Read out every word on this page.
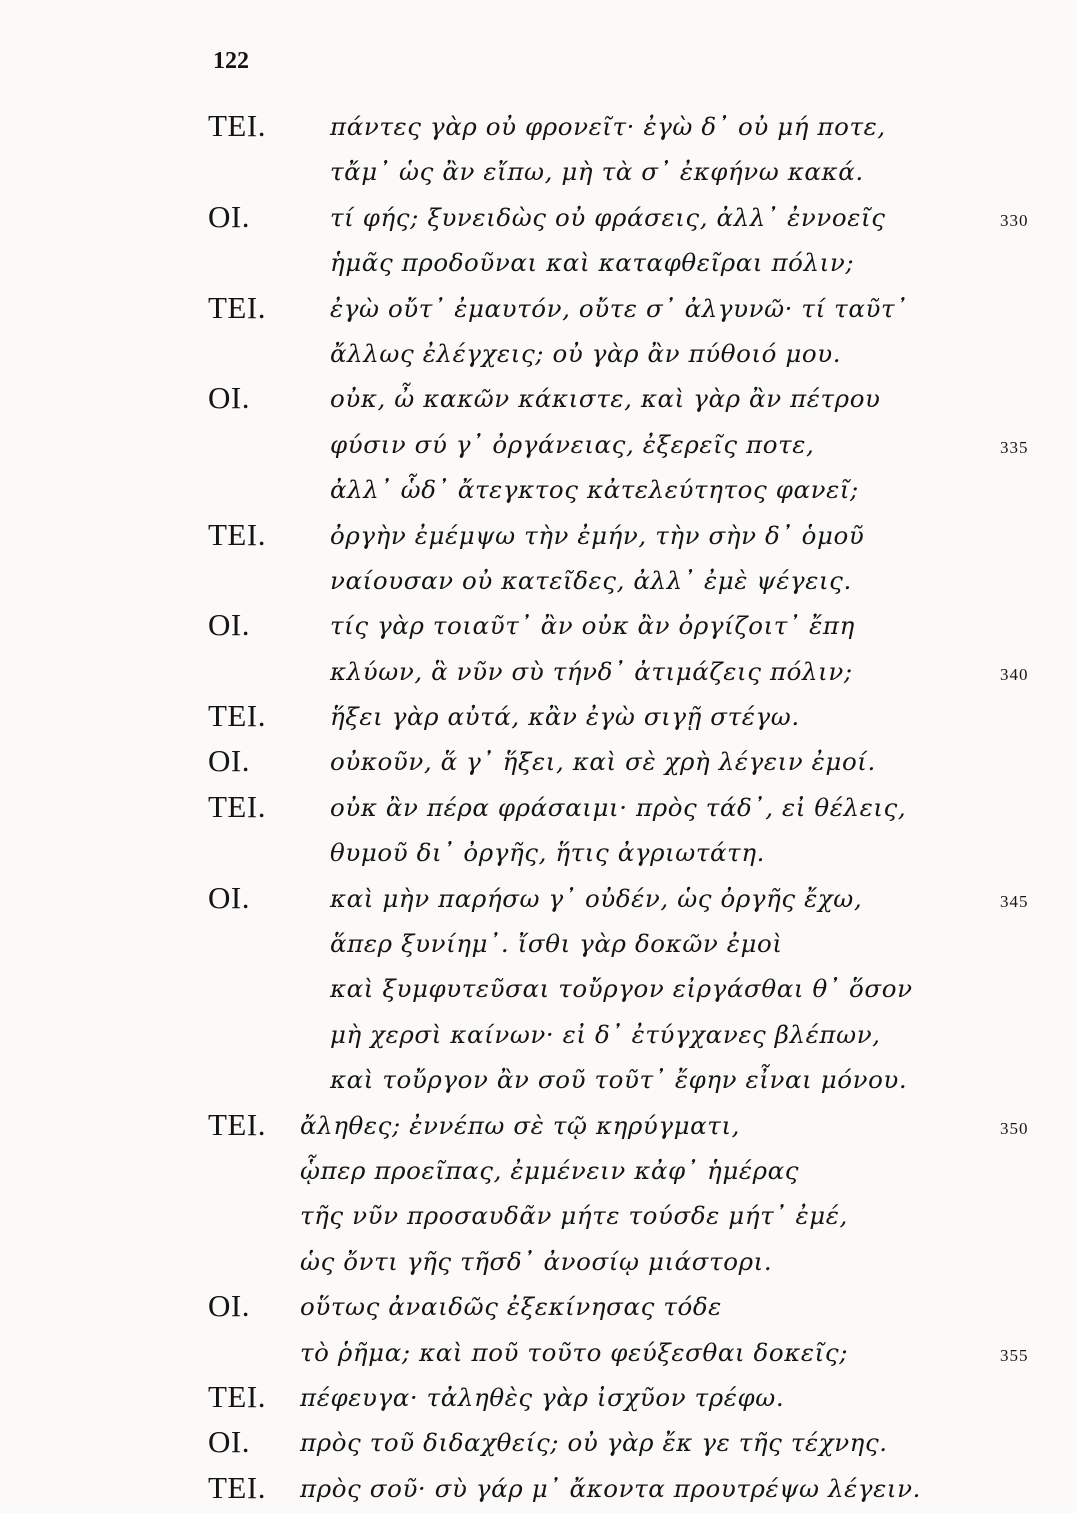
122
ΤΕΙ.	πάντες γὰρ οὐ φρονεῖτ· ἐγὼ δ᾽ οὐ μή ποτε,
τἄμ᾽ ὡς ἂν εἴπω, μὴ τὰ σ᾽ ἐκφήνω κακά.
ΟΙ.	τί φής; ξυνειδὼς οὐ φράσεις, ἀλλ᾽ ἐννοεῖς	330
ἡμᾶς προδοῦναι καὶ καταφθεῖραι πόλιν;
ΤΕΙ.	ἐγὼ οὔτ᾽ ἐμαυτόν, οὔτε σ᾽ ἀλγυνῶ· τί ταῦτ᾽
ἄλλως ἐλέγχεις; οὐ γὰρ ἂν πύθοιό μου.
ΟΙ.	οὐκ, ὦ κακῶν κάκιστε, καὶ γὰρ ἂν πέτρου
φύσιν σύ γ᾽ ὀργάνειας, ἐξερεῖς ποτε,	335
ἀλλ᾽ ὧδ᾽ ἄτεγκτος κἀτελεύτητος φανεῖ;
ΤΕΙ.	ὀργὴν ἐμέμψω τὴν ἐμήν, τὴν σὴν δ᾽ ὁμοῦ
ναίουσαν οὐ κατεῖδες, ἀλλ᾽ ἐμὲ ψέγεις.
ΟΙ.	τίς γὰρ τοιαῦτ᾽ ἂν οὐκ ἂν ὀργίζοιτ᾽ ἔπη
κλύων, ἃ νῦν σὺ τήνδ᾽ ἀτιμάζεις πόλιν;	340
ΤΕΙ.	ἥξει γὰρ αὐτά, κἂν ἐγὼ σιγῇ στέγω.
ΟΙ.	οὐκοῦν, ἅ γ᾽ ἥξει, καὶ σὲ χρὴ λέγειν ἐμοί.
ΤΕΙ.	οὐκ ἂν πέρα φράσαιμι· πρὸς τάδ᾽, εἰ θέλεις,
θυμοῦ δι᾽ ὀργῆς, ἥτις ἀγριωτάτη.
ΟΙ.	καὶ μὴν παρήσω γ᾽ οὐδέν, ὡς ὀργῆς ἔχω,	345
ἅπερ ξυνίημ᾽. ἴσθι γὰρ δοκῶν ἐμοὶ
καὶ ξυμφυτεῦσαι τοὔργον εἰργάσθαι θ᾽ ὅσον
μὴ χερσὶ καίνων· εἰ δ᾽ ἐτύγχανες βλέπων,
καὶ τοὔργον ἂν σοῦ τοῦτ᾽ ἔφην εἶναι μόνου.
ΤΕΙ. ἄληθες; ἐννέπω σὲ τῷ κηρύγματι,	350
ᾧπερ προεῖπας, ἐμμένειν κἀφ᾽ ἡμέρας
τῆς νῦν προσαυδᾶν μήτε τούσδε μήτ᾽ ἐμέ,
ὡς ὄντι γῆς τῆσδ᾽ ἀνοσίῳ μιάστορι.
ΟΙ. οὕτως ἀναιδῶς ἐξεκίνησας τόδε
τὸ ῥῆμα; καὶ ποῦ τοῦτο φεύξεσθαι δοκεῖς;	355
ΤΕΙ. πέφευγα· τἀληθὲς γὰρ ἰσχῦον τρέφω.
ΟΙ. πρὸς τοῦ διδαχθείς; οὐ γὰρ ἔκ γε τῆς τέχνης.
ΤΕΙ. πρὸς σοῦ· σὺ γάρ μ᾽ ἄκοντα προυτρέψω λέγειν.
